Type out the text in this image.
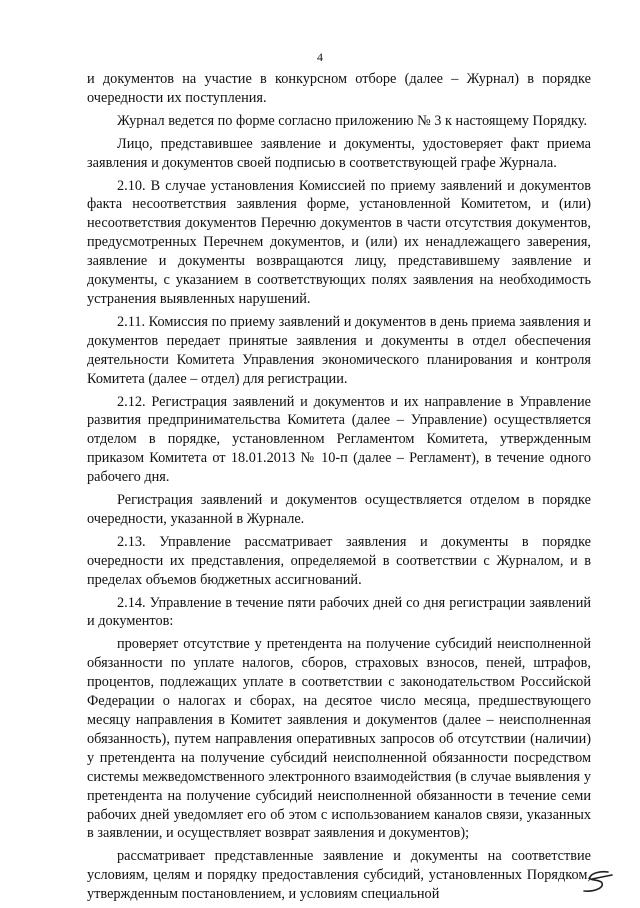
4

и документов на участие в конкурсном отборе (далее – Журнал) в порядке очередности их поступления.

Журнал ведется по форме согласно приложению № 3 к настоящему Порядку.

Лицо, представившее заявление и документы, удостоверяет факт приема заявления и документов своей подписью в соответствующей графе Журнала.

2.10. В случае установления Комиссией по приему заявлений и документов факта несоответствия заявления форме, установленной Комитетом, и (или) несоответствия документов Перечню документов в части отсутствия документов, предусмотренных Перечнем документов, и (или) их ненадлежащего заверения, заявление и документы возвращаются лицу, представившему заявление и документы, с указанием в соответствующих полях заявления на необходимость устранения выявленных нарушений.

2.11. Комиссия по приему заявлений и документов в день приема заявления и документов передает принятые заявления и документы в отдел обеспечения деятельности Комитета Управления экономического планирования и контроля Комитета (далее – отдел) для регистрации.

2.12. Регистрация заявлений и документов и их направление в Управление развития предпринимательства Комитета (далее – Управление) осуществляется отделом в порядке, установленном Регламентом Комитета, утвержденным приказом Комитета от 18.01.2013 № 10-п (далее – Регламент), в течение одного рабочего дня.

Регистрация заявлений и документов осуществляется отделом в порядке очередности, указанной в Журнале.

2.13. Управление рассматривает заявления и документы в порядке очередности их представления, определяемой в соответствии с Журналом, и в пределах объемов бюджетных ассигнований.

2.14. Управление в течение пяти рабочих дней со дня регистрации заявлений и документов:

проверяет отсутствие у претендента на получение субсидий неисполненной обязанности по уплате налогов, сборов, страховых взносов, пеней, штрафов, процентов, подлежащих уплате в соответствии с законодательством Российской Федерации о налогах и сборах, на десятое число месяца, предшествующего месяцу направления в Комитет заявления и документов (далее – неисполненная обязанность), путем направления оперативных запросов об отсутствии (наличии) у претендента на получение субсидий неисполненной обязанности посредством системы межведомственного электронного взаимодействия (в случае выявления у претендента на получение субсидий неисполненной обязанности в течение семи рабочих дней уведомляет его об этом с использованием каналов связи, указанных в заявлении, и осуществляет возврат заявления и документов);

рассматривает представленные заявление и документы на соответствие условиям, целям и порядку предоставления субсидий, установленных Порядком, утвержденным постановлением, и условиям специальной
